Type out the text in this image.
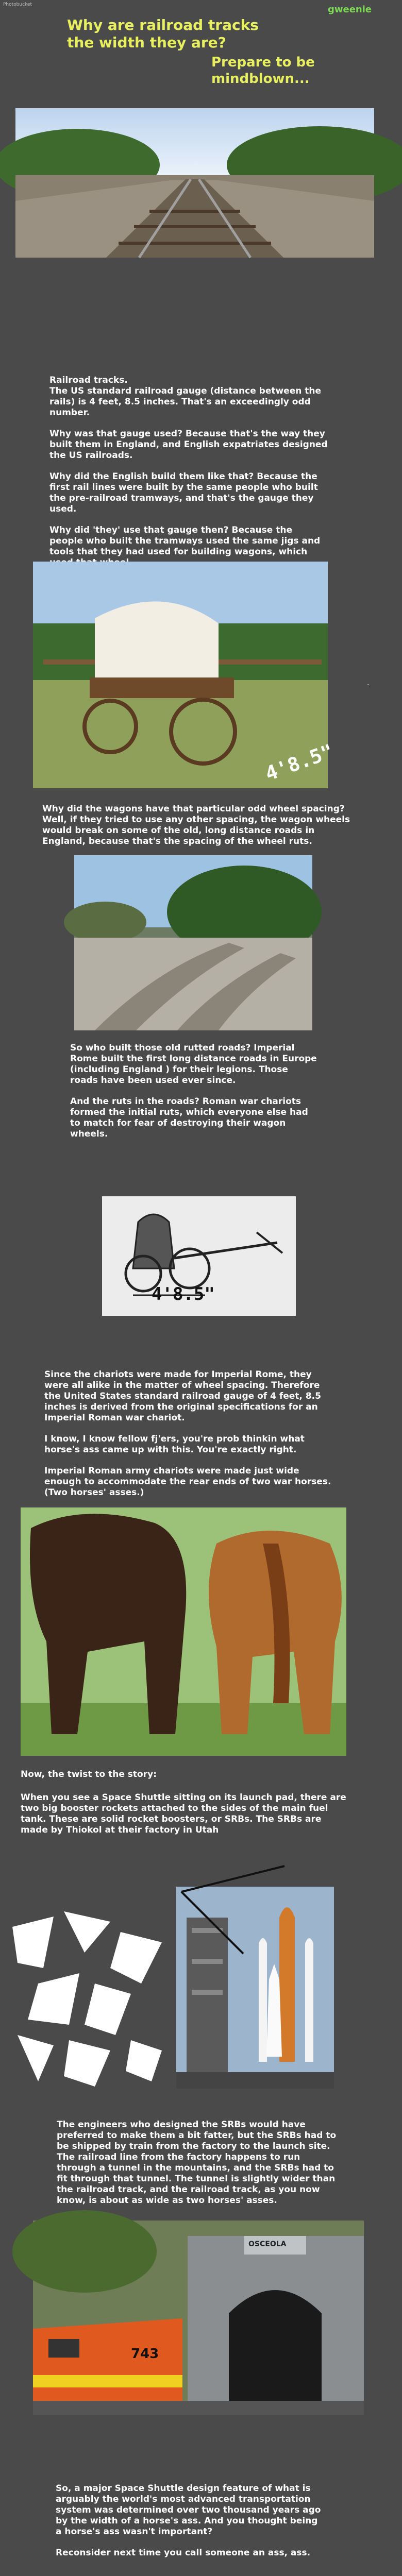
Photobucket
Why are railroad tracks the width they are?
gweenie
Prepare to be mindblown...

Railroad tracks.
The US standard railroad gauge (distance between the rails) is 4 feet, 8.5 inches. That's an exceedingly odd number.

Why was that gauge used? Because that's the way they built them in England, and English expatriates designed the US railroads.

Why did the English build them like that? Because the first rail lines were built by the same people who built the pre-railroad tramways, and that's the gauge they used.

Why did 'they' use that gauge then? Because the people who built the tramways used the same jigs and tools that they had used for building wagons, which

4'8.5"
.

Why did the wagons have that particular odd wheel spacing? Well, if they tried to use any other spacing, the wagon wheels would break on some of the old, long distance roads in England, because that's the spacing of the wheel ruts.

So who built those old rutted roads? Imperial Rome built the first long distance roads in Europe (including England ) for their legions. Those roads have been used ever since.

And the ruts in the roads? Roman war chariots formed the initial ruts, which everyone else had to match for fear of destroying their wagon wheels.

4'8.5"

Since the chariots were made for Imperial Rome, they were all alike in the matter of wheel spacing. Therefore the United States standard railroad gauge of 4 feet, 8.5 inches is derived from the original specifications for an Imperial Roman war chariot.

I know, I know fellow fj'ers, you're prob thinkin what horse's ass came up with this. You're exactly right.

Imperial Roman army chariots were made just wide enough to accommodate the rear ends of two war horses. (Two horses' asses.)

Now, the twist to the story:

When you see a Space Shuttle sitting on its launch pad, there are two big booster rockets attached to the sides of the main fuel tank. These are solid rocket boosters, or SRBs. The SRBs are made by Thiokol at their factory in Utah

The engineers who designed the SRBs would have preferred to make them a bit fatter, but the SRBs had to be shipped by train from the factory to the launch site. The railroad line from the factory happens to run through a tunnel in the mountains, and the SRBs had to fit through that tunnel. The tunnel is slightly wider than the railroad track, and the railroad track, as you now know, is about as wide as two horses' asses.

743
OSCEOLA

So, a major Space Shuttle design feature of what is arguably the world's most advanced transportation system was determined over two thousand years ago by the width of a horse's ass. And you thought being a horse's ass wasn't important?

Reconsider next time you call someone an ass, ass.
